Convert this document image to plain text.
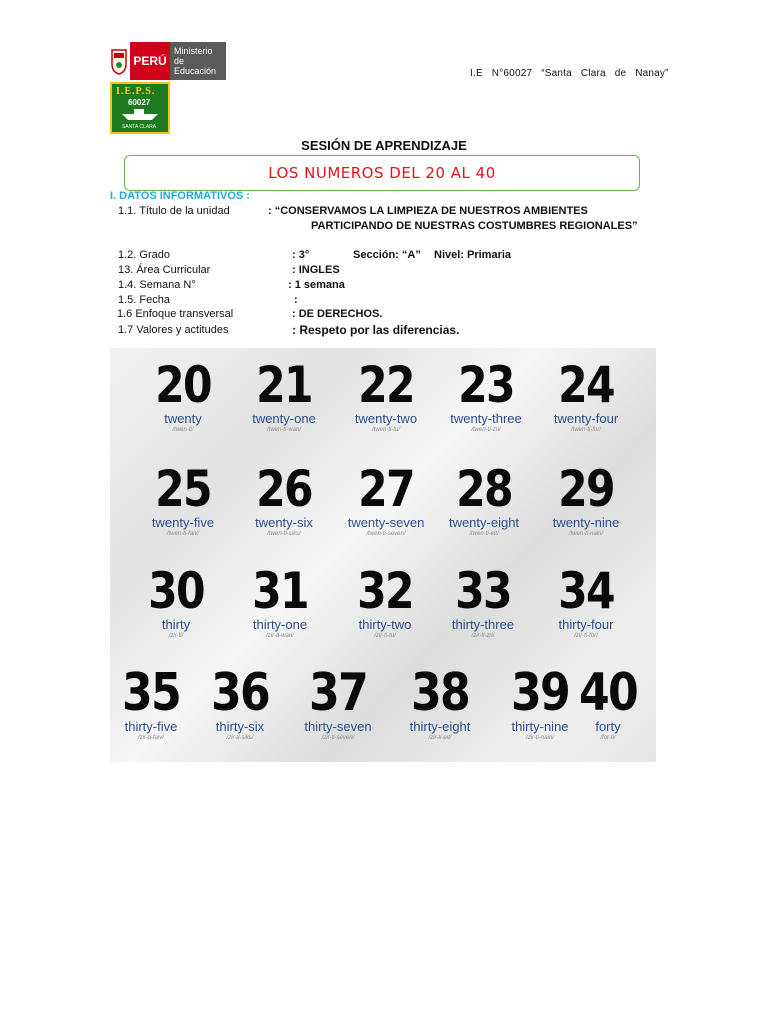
PERÚ
Ministerio
de Educación
I.E.P.S.
60027
SANTA CLARA
I.E N°60027 “Santa Clara de Nanay”
SESIÓN DE APRENDIZAJE
LOS NUMEROS DEL 20 AL 40
I. DATOS INFORMATIVOS :
1.1. Título de la unidad	: “CONSERVAMOS LA LIMPIEZA DE NUESTROS AMBIENTES
PARTICIPANDO DE NUESTRAS COSTUMBRES REGIONALES”
1.2. Grado	: 3°	Sección: “A” Nivel: Primaria
13. Área Curricular	: INGLES
1.4. Semana N°	: 1 semana
1.5. Fecha	:
1.6 Enfoque transversal	: DE DERECHOS.
1.7 Valores y actitudes	: Respeto por las diferencias.
20
twenty
/twen-ti/
21
twenty-one
/twen-ti-wan/
22
twenty-two
/twen-ti-tu/
23
twenty-three
/twen-ti-zri/
24
twenty-four
/twen-ti-for/
25
twenty-five
/twen-ti-faiv/
26
twenty-six
/twen-ti-siks/
27
twenty-seven
/twen-ti-seven/
28
twenty-eight
/twen-ti-eit/
29
twenty-nine
/twen-ti-nain/
30
thirty
/zir-ti/
31
thirty-one
/zir-ti-wan/
32
thirty-two
/zir-ti-tu/
33
thirty-three
/zir-ti-zri/
34
thirty-four
/zir-ti-for/
35
thirty-five
/zir-ti-faiv/
36
thirty-six
/zir-ti-siks/
37
thirty-seven
/zir-ti-seven/
38
thirty-eight
/zir-ti-eit/
39
thirty-nine
/zir-ti-nain/
40
forty
/for-ti/
